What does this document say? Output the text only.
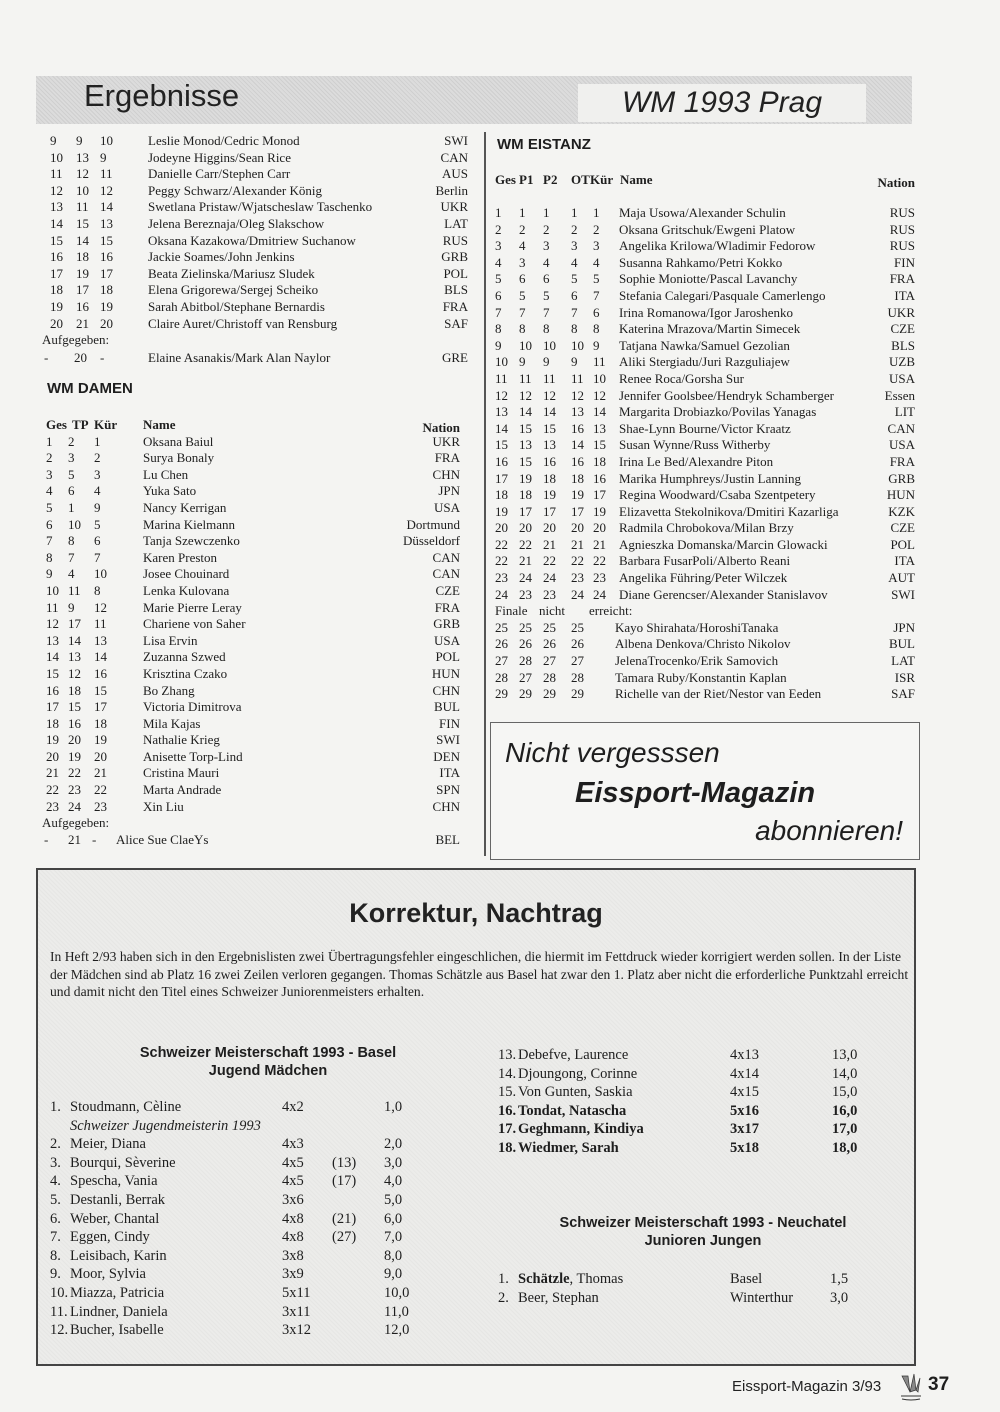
Ergebnisse	WM 1993 Prag
9 9 10	Leslie Monod/Cedric Monod	SWI
10 13 9	Jodeyne Higgins/Sean Rice	CAN
11 12 11	Danielle Carr/Stephen Carr	AUS
12 10 12	Peggy Schwarz/Alexander König	Berlin
13 11 14	Swetlana Pristaw/Wjatscheslaw Taschenko	UKR
14 15 13	Jelena Bereznaja/Oleg Slakschow	LAT
15 14 15	Oksana Kazakowa/Dmitriew Suchanow	RUS
16 18 16	Jackie Soames/John Jenkins	GRB
17 19 17	Beata Zielinska/Mariusz Sludek	POL
18 17 18	Elena Grigorewa/Sergej Scheiko	BLS
19 16 19	Sarah Abitbol/Stephane Bernardis	FRA
20 21 20	Claire Auret/Christoff van Rensburg	SAF
Aufgegeben:
- 20 -	Elaine Asanakis/Mark Alan Naylor	GRE
WM DAMEN
Ges TP Kür Name	Nation
1 2 1	Oksana Baiul	UKR
2 3 2	Surya Bonaly	FRA
3 5 3	Lu Chen	CHN
4 6 4	Yuka Sato	JPN
5 1 9	Nancy Kerrigan	USA
6 10 5	Marina Kielmann	Dortmund
7 8 6	Tanja Szewczenko	Düsseldorf
8 7 7	Karen Preston	CAN
9 4 10	Josee Chouinard	CAN
10 11 8	Lenka Kulovana	CZE
11 9 12	Marie Pierre Leray	FRA
12 17 11	Chariene von Saher	GRB
13 14 13	Lisa Ervin	USA
14 13 14	Zuzanna Szwed	POL
15 12 16	Krisztina Czako	HUN
16 18 15	Bo Zhang	CHN
17 15 17	Victoria Dimitrova	BUL
18 16 18	Mila Kajas	FIN
19 20 19	Nathalie Krieg	SWI
20 19 20	Anisette Torp-Lind	DEN
21 22 21	Cristina Mauri	ITA
22 23 22	Marta Andrade	SPN
23 24 23	Xin Liu	CHN
Aufgegeben:
- 21 - Alice Sue ClaeYs	BEL
WM EISTANZ
Ges P1 P2 OT Kür Name	Nation
1 1 1 1 1 Maja Usowa/Alexander Schulin	RUS
2 2 2 2 2 Oksana Gritschuk/Ewgeni Platow	RUS
3 4 3 3 3 Angelika Krilowa/Wladimir Fedorow	RUS
4 3 4 4 4 Susanna Rahkamo/Petri Kokko	FIN
5 6 6 5 5 Sophie Moniotte/Pascal Lavanchy	FRA
6 5 5 6 7 Stefania Calegari/Pasquale Camerlengo	ITA
7 7 7 7 6 Irina Romanowa/Igor Jaroshenko	UKR
8 8 8 8 8 Katerina Mrazova/Martin Simecek	CZE
9 10 10 10 9 Tatjana Nawka/Samuel Gezolian	BLS
10 9 9 9 11 Aliki Stergiadu/Juri Razguliajew	UZB
11 11 11 11 10 Renee Roca/Gorsha Sur	USA
12 12 12 12 12 Jennifer Goolsbee/Hendryk Schamberger	Essen
13 14 14 13 14 Margarita Drobiazko/Povilas Yanagas	LIT
14 15 15 16 13 Shae-Lynn Bourne/Victor Kraatz	CAN
15 13 13 14 15 Susan Wynne/Russ Witherby	USA
16 15 16 16 18 Irina Le Bed/Alexandre Piton	FRA
17 19 18 18 16 Marika Humphreys/Justin Lanning	GRB
18 18 19 19 17 Regina Woodward/Csaba Szentpetery	HUN
19 17 17 17 19 Elizavetta Stekolnikova/Dmitiri Kazarliga	KZK
20 20 20 20 20 Radmila Chrobokova/Milan Brzy	CZE
22 22 21 21 21 Agnieszka Domanska/Marcin Glowacki	POL
22 21 22 22 22 Barbara FusarPoli/Alberto Reani	ITA
23 24 24 23 23 Angelika Führing/Peter Wilczek	AUT
24 23 23 24 24 Diane Gerencser/Alexander Stanislavov	SWI
Finale nicht erreicht:
25 25 25 25 Kayo Shirahata/HoroshiTanaka	JPN
26 26 26 26 Albena Denkova/Christo Nikolov	BUL
27 28 27 27 JelenaTrocenko/Erik Samovich	LAT
28 27 28 28 Tamara Ruby/Konstantin Kaplan	ISR
29 29 29 29 Richelle van der Riet/Nestor van Eeden	SAF
Nicht vergesssen
Eissport-Magazin
abonnieren!
Korrektur, Nachtrag
In Heft 2/93 haben sich in den Ergebnislisten zwei Übertragungsfehler eingeschlichen, die hiermit im Fettdruck wieder korrigiert werden sollen. In der Liste der Mädchen sind ab Platz 16 zwei Zeilen verloren gegangen. Thomas Schätzle aus Basel hat zwar den 1. Platz aber nicht die erforderliche Punktzahl erreicht und damit nicht den Titel eines Schweizer Juniorenmeisters erhalten.
Schweizer Meisterschaft 1993 - Basel
Jugend Mädchen
1. Stoudmann, Cèline	4x2	1,0
Schweizer Jugendmeisterin 1993
2. Meier, Diana	4x3	2,0
3. Bourqui, Sèverine	4x5 (13) 3,0
4. Spescha, Vania	4x5 (17) 4,0
5. Destanli, Berrak	3x6	5,0
6. Weber, Chantal	4x8 (21) 6,0
7. Eggen, Cindy	4x8 (27) 7,0
8. Leisibach, Karin	3x8	8,0
9. Moor, Sylvia	3x9	9,0
10. Miazza, Patricia	5x11	10,0
11. Lindner, Daniela	3x11	11,0
12. Bucher, Isabelle	3x12	12,0
13. Debefve, Laurence	4x13	13,0
14. Djoungong, Corinne	4x14	14,0
15. Von Gunten, Saskia	4x15	15,0
16. Tondat, Natascha	5x16	16,0
17. Geghmann, Kindiya	3x17	17,0
18. Wiedmer, Sarah	5x18	18,0
Schweizer Meisterschaft 1993 - Neuchatel
Junioren Jungen
1. Schätzle, Thomas	Basel	1,5
2. Beer, Stephan	Winterthur	3,0
Eissport-Magazin 3/93 37
